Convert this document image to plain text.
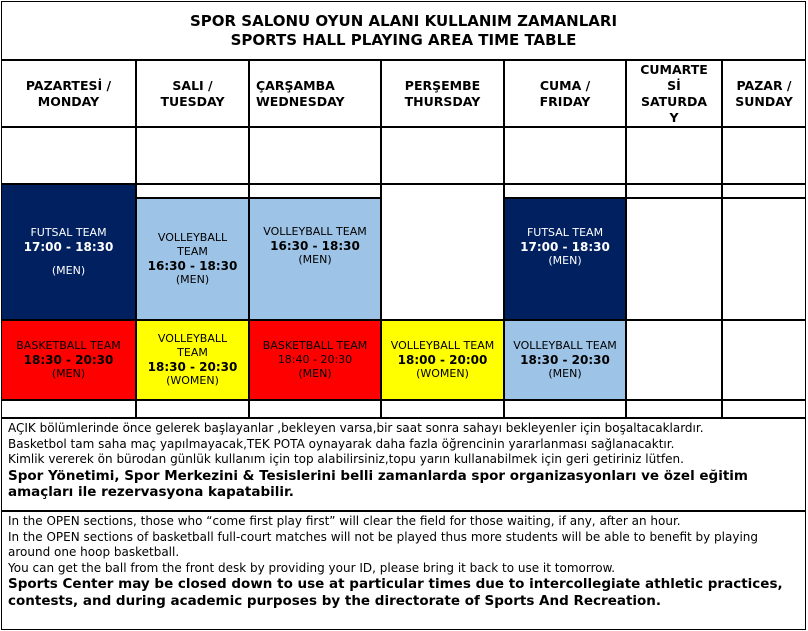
SPOR SALONU OYUN ALANI KULLANIM ZAMANLARI
SPORTS HALL PLAYING AREA TIME TABLE
PAZARTESİ /
MONDAY
SALI /
TUESDAY
ÇARŞAMBA
WEDNESDAY
PERŞEMBE
THURSDAY
CUMA /
FRIDAY
CUMARTE
Sİ
SATURDA
Y
PAZAR /
SUNDAY
FUTSAL TEAM
17:00 - 18:30
(MEN)
VOLLEYBALL
TEAM
16:30 - 18:30
(MEN)
VOLLEYBALL TEAM
16:30 - 18:30
(MEN)
FUTSAL TEAM
17:00 - 18:30
(MEN)
BASKETBALL TEAM
18:30 - 20:30
(MEN)
VOLLEYBALL
TEAM
18:30 - 20:30
(WOMEN)
BASKETBALL TEAM
18:40 - 20:30
(MEN)
VOLLEYBALL TEAM
18:00 - 20:00
(WOMEN)
VOLLEYBALL TEAM
18:30 - 20:30
(MEN)

AÇIK bölümlerinde önce gelerek başlayanlar ,bekleyen varsa,bir saat sonra sahayı bekleyenler için boşaltacaklardır.

Basketbol tam saha maç yapılmayacak,TEK POTA oynayarak daha fazla öğrencinin yararlanması sağlanacaktır.

Kimlik vererek ön bürodan günlük kullanım için top alabilirsiniz,topu yarın kullanabilmek için geri getiriniz lütfen.

Spor Yönetimi, Spor Merkezini & Tesislerini belli zamanlarda spor organizasyonları ve özel eğitim amaçları ile rezervasyona kapatabilir.

In the OPEN sections, those who “come first play first” will clear the field for those waiting, if any, after an hour.

In the OPEN sections of basketball full-court matches will not be played thus more students will be able to benefit by playing around one hoop basketball.

You can get the ball from the front desk by providing your ID, please bring it back to use it tomorrow.

Sports Center may be closed down to use at particular times due to intercollegiate athletic practices, contests, and during academic purposes by the directorate of Sports And Recreation.
